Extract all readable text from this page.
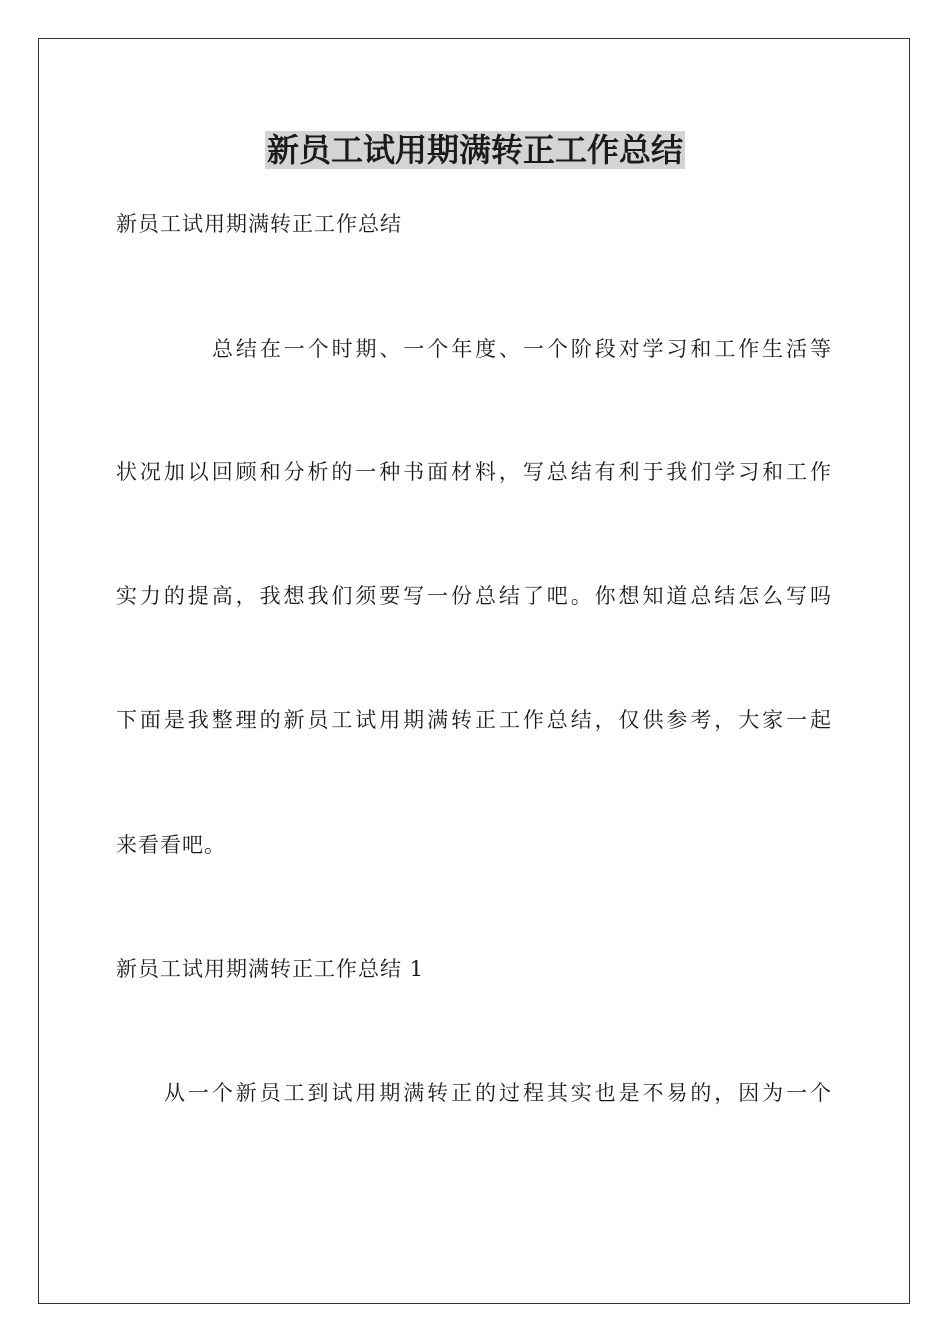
新员工试用期满转正工作总结
新员工试用期满转正工作总结
总结在一个时期、一个年度、一个阶段对学习和工作生活等
状况加以回顾和分析的一种书面材料，写总结有利于我们学习和工作
实力的提高，我想我们须要写一份总结了吧。你想知道总结怎么写吗
下面是我整理的新员工试用期满转正工作总结，仅供参考，大家一起
来看看吧。
新员工试用期满转正工作总结 1
从一个新员工到试用期满转正的过程其实也是不易的，因为一个
